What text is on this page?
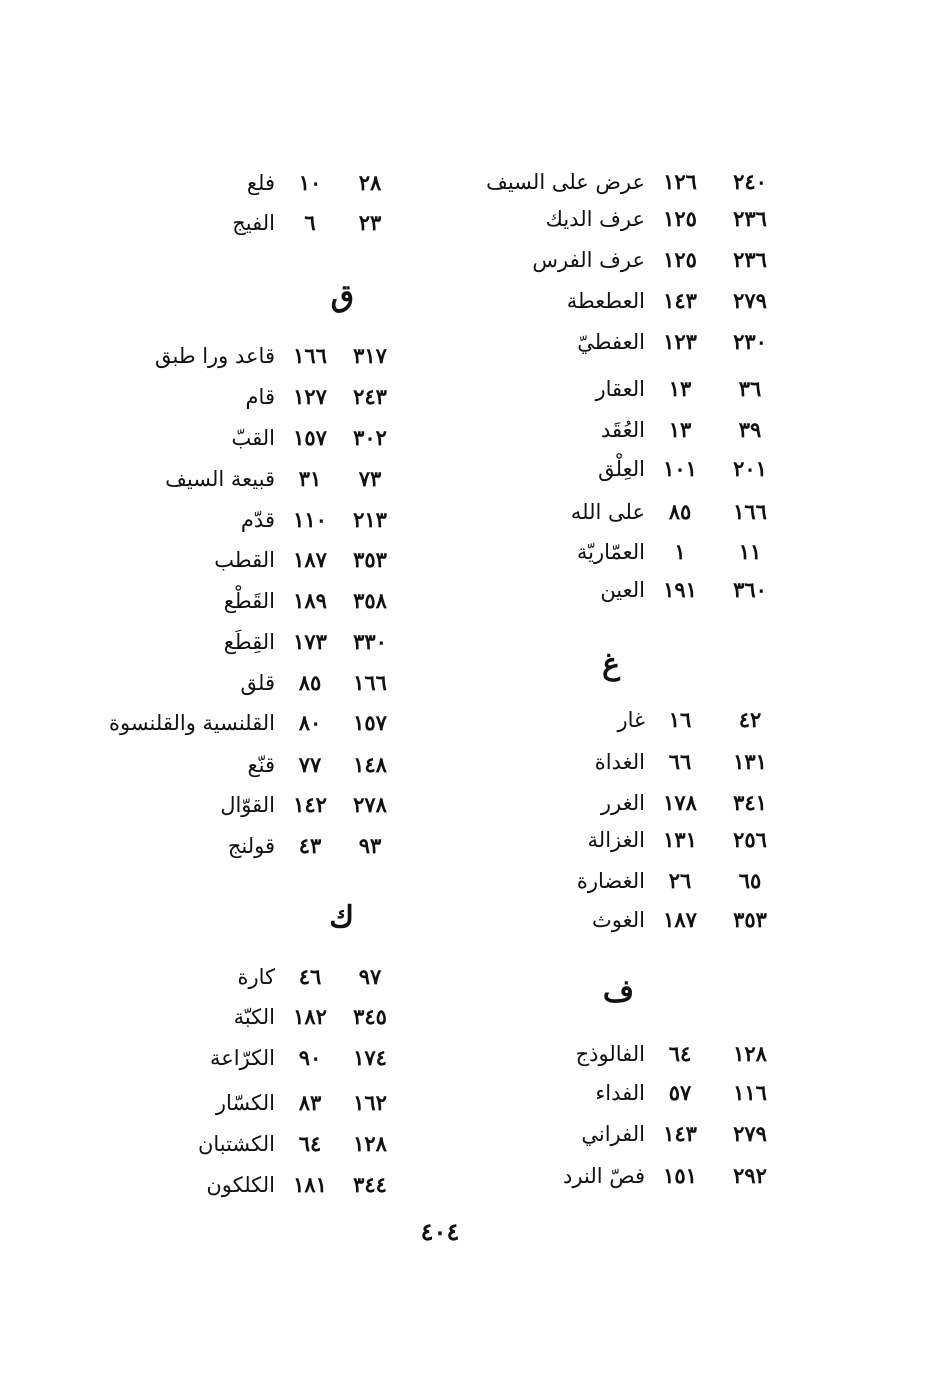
٢٤٠
١٢٦
عرض على السيف
٢٣٦
١٢٥
عرف الديك
٢٣٦
١٢٥
عرف الفرس
٢٧٩
١٤٣
العطعطة
٢٣٠
١٢٣
العفطيّ
٣٦
١٣
العقار
٣٩
١٣
العُقَد
٢٠١
١٠١
العِلْق
١٦٦
٨٥
على الله
١١
١
العمّاريّة
٣٦٠
١٩١
العين
غ
٤٢
١٦
غار
١٣١
٦٦
الغداة
٣٤١
١٧٨
الغرر
٢٥٦
١٣١
الغزالة
٦٥
٢٦
الغضارة
٣٥٣
١٨٧
الغوث
ف
١٢٨
٦٤
الفالوذج
١١٦
٥٧
الفداء
٢٧٩
١٤٣
الفراني
٢٩٢
١٥١
فصّ النرد
٢٨
١٠
فلع
٢٣
٦
الفيج
ق
٣١٧
١٦٦
قاعد ورا طبق
٢٤٣
١٢٧
قام
٣٠٢
١٥٧
القبّ
٧٣
٣١
قبيعة السيف
٢١٣
١١٠
قدّم
٣٥٣
١٨٧
القطب
٣٥٨
١٨٩
القَطْع
٣٣٠
١٧٣
القِطَع
١٦٦
٨٥
قلق
١٥٧
٨٠
القلنسية والقلنسوة
١٤٨
٧٧
قنّع
٢٧٨
١٤٢
القوّال
٩٣
٤٣
قولنج
ك
٩٧
٤٦
كارة
٣٤٥
١٨٢
الكبّة
١٧٤
٩٠
الكرّاعة
١٦٢
٨٣
الكسّار
١٢٨
٦٤
الكشتبان
٣٤٤
١٨١
الكلكون
٤٠٤
